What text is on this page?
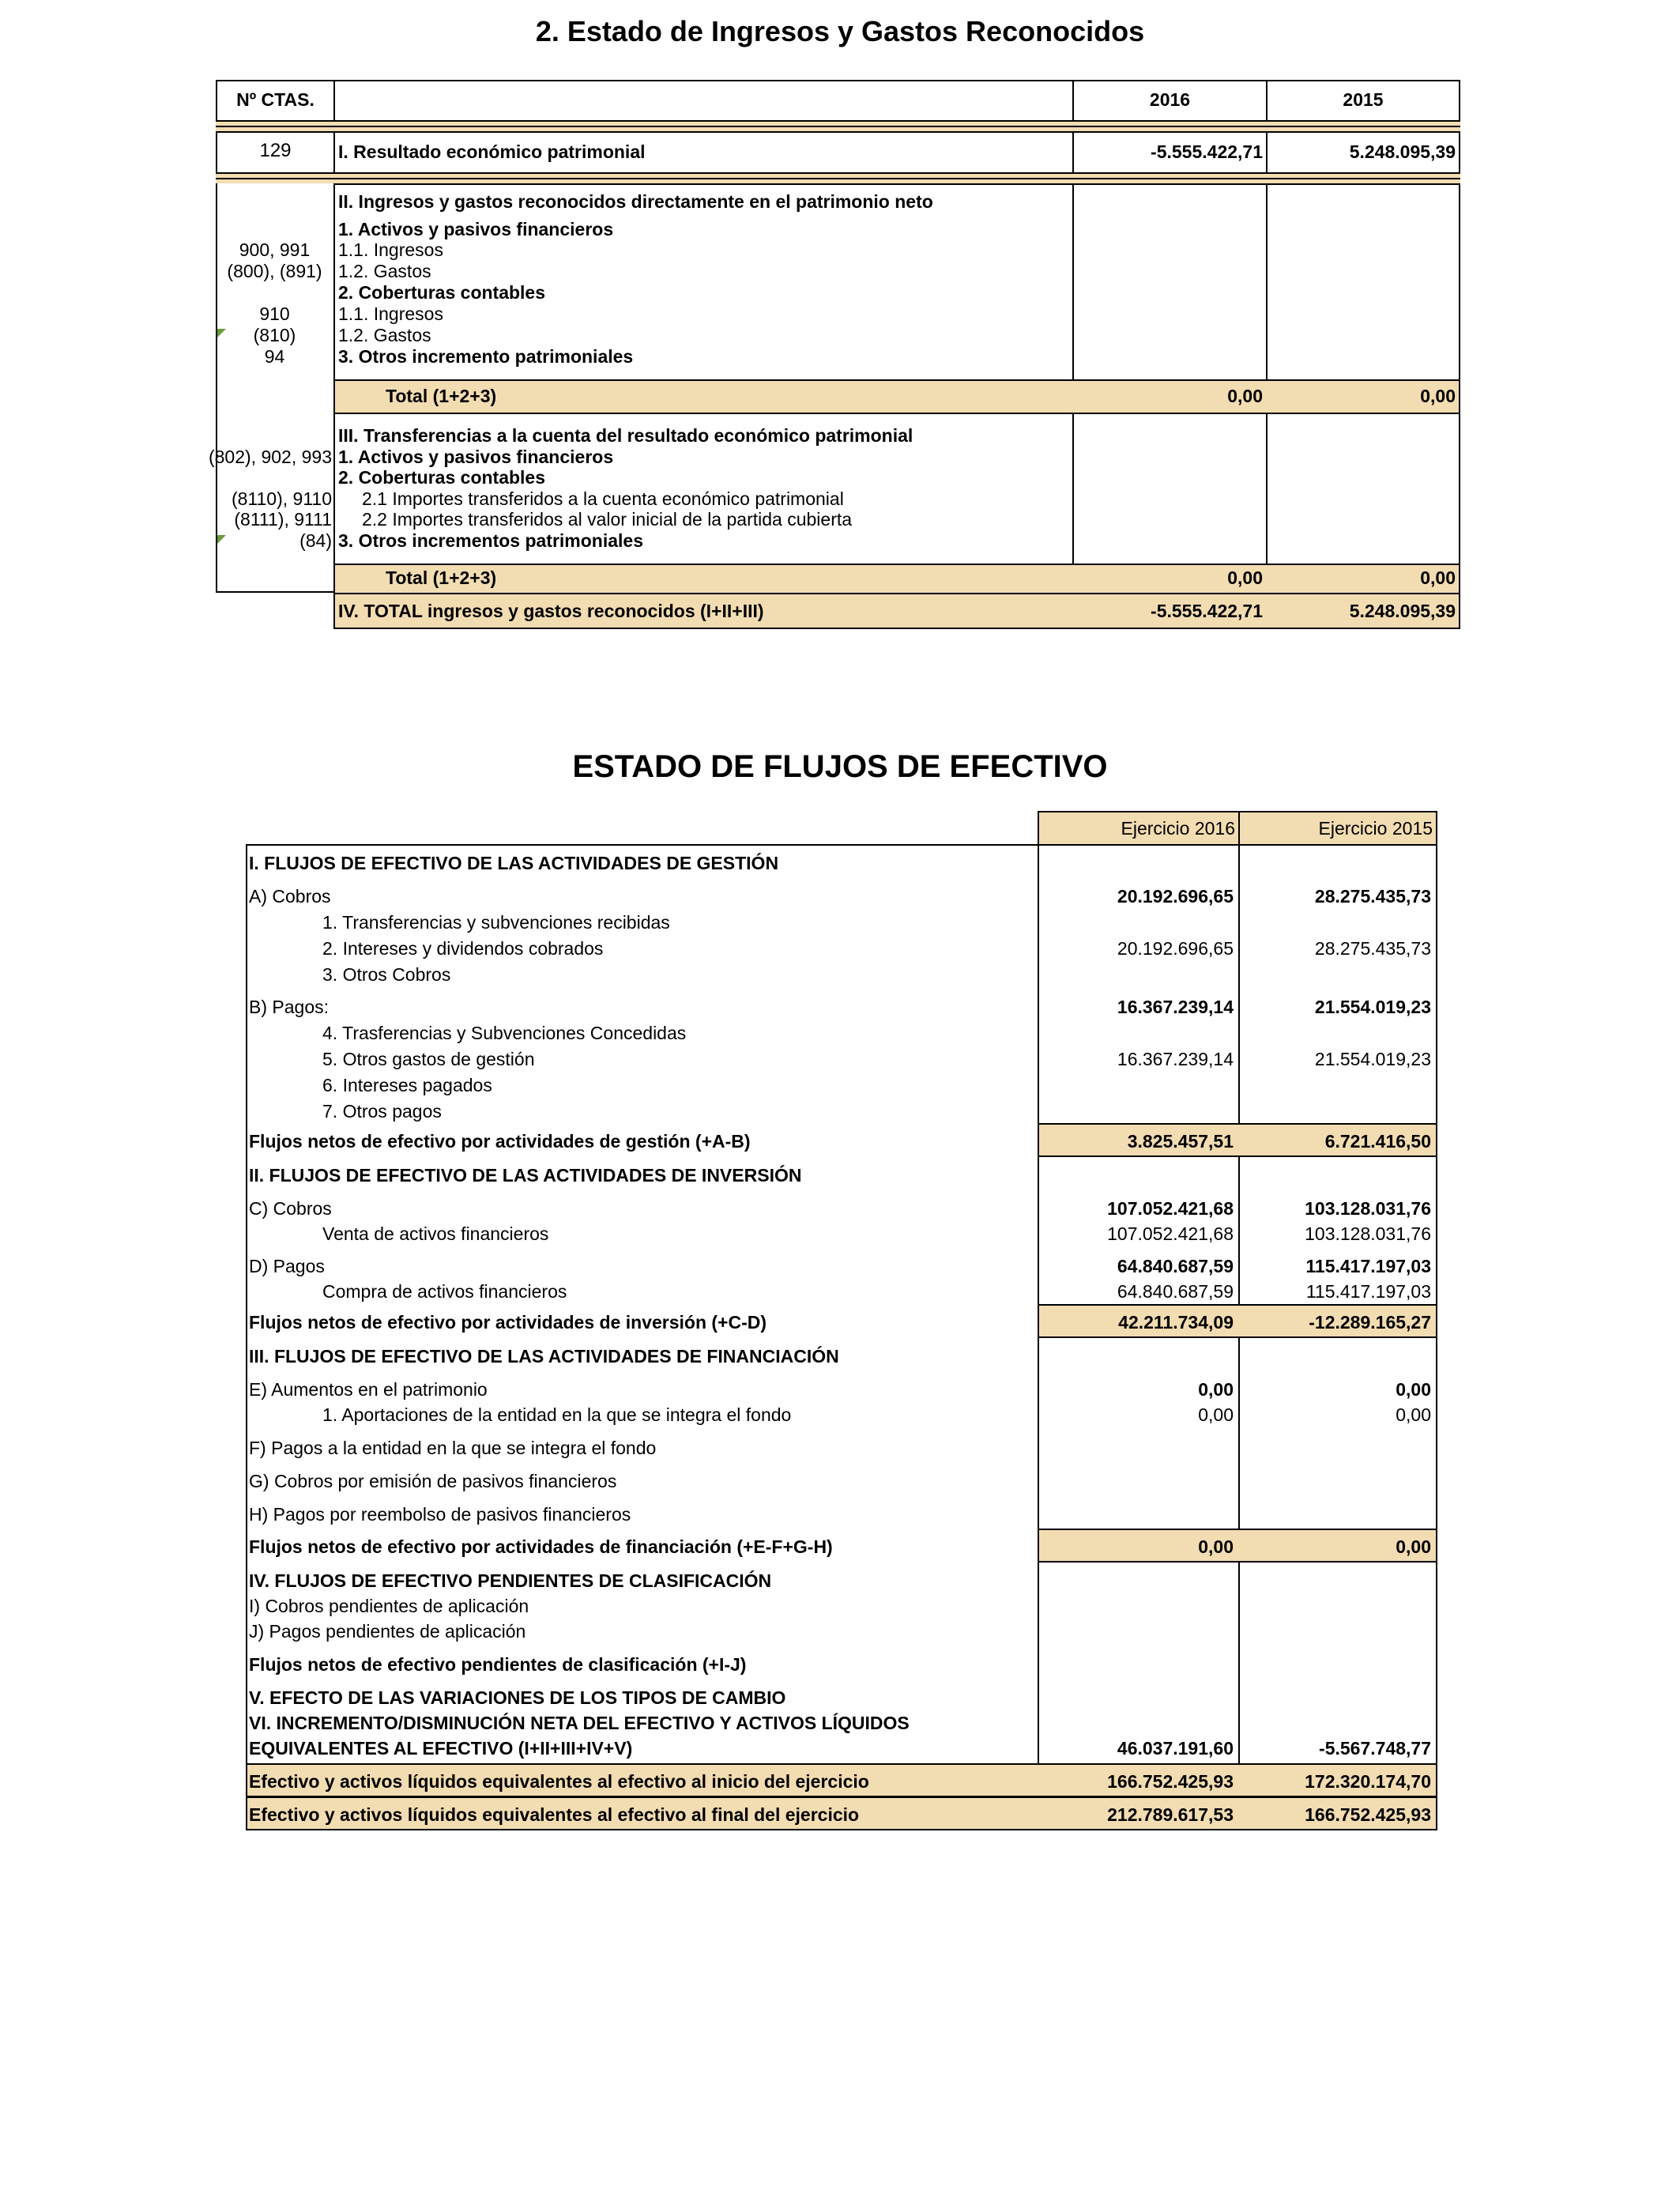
2. Estado de Ingresos y Gastos Reconocidos
Nº CTAS.	2016	2015
129	I. Resultado económico patrimonial	-5.555.422,71	5.248.095,39
II. Ingresos y gastos reconocidos directamente en el patrimonio neto
1. Activos y pasivos financieros
900, 991	1.1. Ingresos
(800), (891) 1.2. Gastos
2. Coberturas contables
910	1.1. Ingresos
(810)	1.2. Gastos
94	3. Otros incremento patrimoniales
Total (1+2+3)	0,00	0,00
III. Transferencias a la cuenta del resultado económico patrimonial
(802), 902, 993 1. Activos y pasivos financieros
2. Coberturas contables
(8110), 9110 2.1 Importes transferidos a la cuenta económico patrimonial
(8111), 9111 2.2 Importes transferidos al valor inicial de la partida cubierta
(84) 3. Otros incrementos patrimoniales
Total (1+2+3)	0,00	0,00
IV. TOTAL ingresos y gastos reconocidos (I+II+III)	-5.555.422,71	5.248.095,39
ESTADO DE FLUJOS DE EFECTIVO
Ejercicio 2016	Ejercicio 2015
I. FLUJOS DE EFECTIVO DE LAS ACTIVIDADES DE GESTIÓN
A) Cobros	20.192.696,65	28.275.435,73
1. Transferencias y subvenciones recibidas
2. Intereses y dividendos cobrados	20.192.696,65	28.275.435,73
3. Otros Cobros
B) Pagos:	16.367.239,14	21.554.019,23
4. Trasferencias y Subvenciones Concedidas
5. Otros gastos de gestión	16.367.239,14	21.554.019,23
6. Intereses pagados
7. Otros pagos
Flujos netos de efectivo por actividades de gestión (+A-B)	3.825.457,51	6.721.416,50
II. FLUJOS DE EFECTIVO DE LAS ACTIVIDADES DE INVERSIÓN
C) Cobros	107.052.421,68	103.128.031,76
Venta de activos financieros	107.052.421,68	103.128.031,76
D) Pagos	64.840.687,59	115.417.197,03
Compra de activos financieros	64.840.687,59	115.417.197,03
Flujos netos de efectivo por actividades de inversión (+C-D)	42.211.734,09	-12.289.165,27
III. FLUJOS DE EFECTIVO DE LAS ACTIVIDADES DE FINANCIACIÓN
E) Aumentos en el patrimonio	0,00	0,00
1. Aportaciones de la entidad en la que se integra el fondo	0,00	0,00
F) Pagos a la entidad en la que se integra el fondo
G) Cobros por emisión de pasivos financieros
H) Pagos por reembolso de pasivos financieros
Flujos netos de efectivo por actividades de financiación (+E-F+G-H)	0,00	0,00
IV. FLUJOS DE EFECTIVO PENDIENTES DE CLASIFICACIÓN
I) Cobros pendientes de aplicación
J) Pagos pendientes de aplicación
Flujos netos de efectivo pendientes de clasificación (+I-J)
V. EFECTO DE LAS VARIACIONES DE LOS TIPOS DE CAMBIO
VI. INCREMENTO/DISMINUCIÓN NETA DEL EFECTIVO Y ACTIVOS LÍQUIDOS
EQUIVALENTES AL EFECTIVO (I+II+III+IV+V)	46.037.191,60	-5.567.748,77
Efectivo y activos líquidos equivalentes al efectivo al inicio del ejercicio	166.752.425,93	172.320.174,70
Efectivo y activos líquidos equivalentes al efectivo al final del ejercicio	212.789.617,53	166.752.425,93
